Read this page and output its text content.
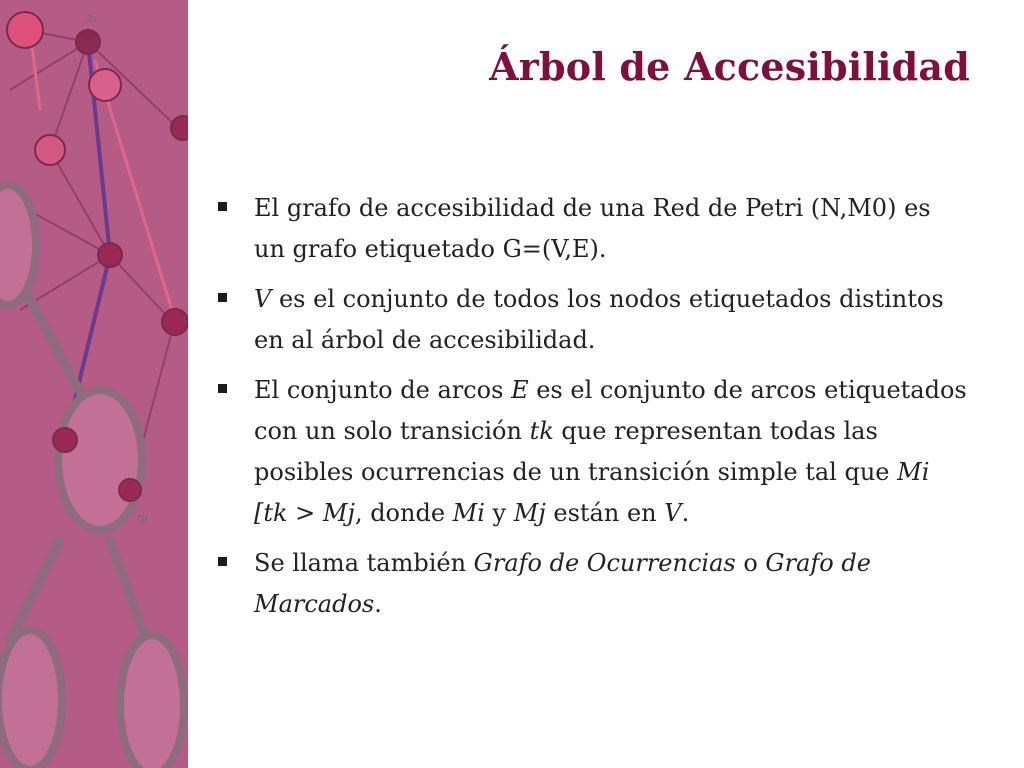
A
B
Árbol de Accesibilidad
El grafo de accesibilidad de una Red de Petri (N,M0) es un grafo etiquetado G=(V,E).
V es el conjunto de todos los nodos etiquetados distintos en al árbol de accesibilidad.
El conjunto de arcos E es el conjunto de arcos etiquetados con un solo transición tk que representan todas las posibles ocurrencias de un transición simple tal que Mi [tk > Mj, donde Mi y Mj están en V.
Se llama también Grafo de Ocurrencias o Grafo de Marcados.
